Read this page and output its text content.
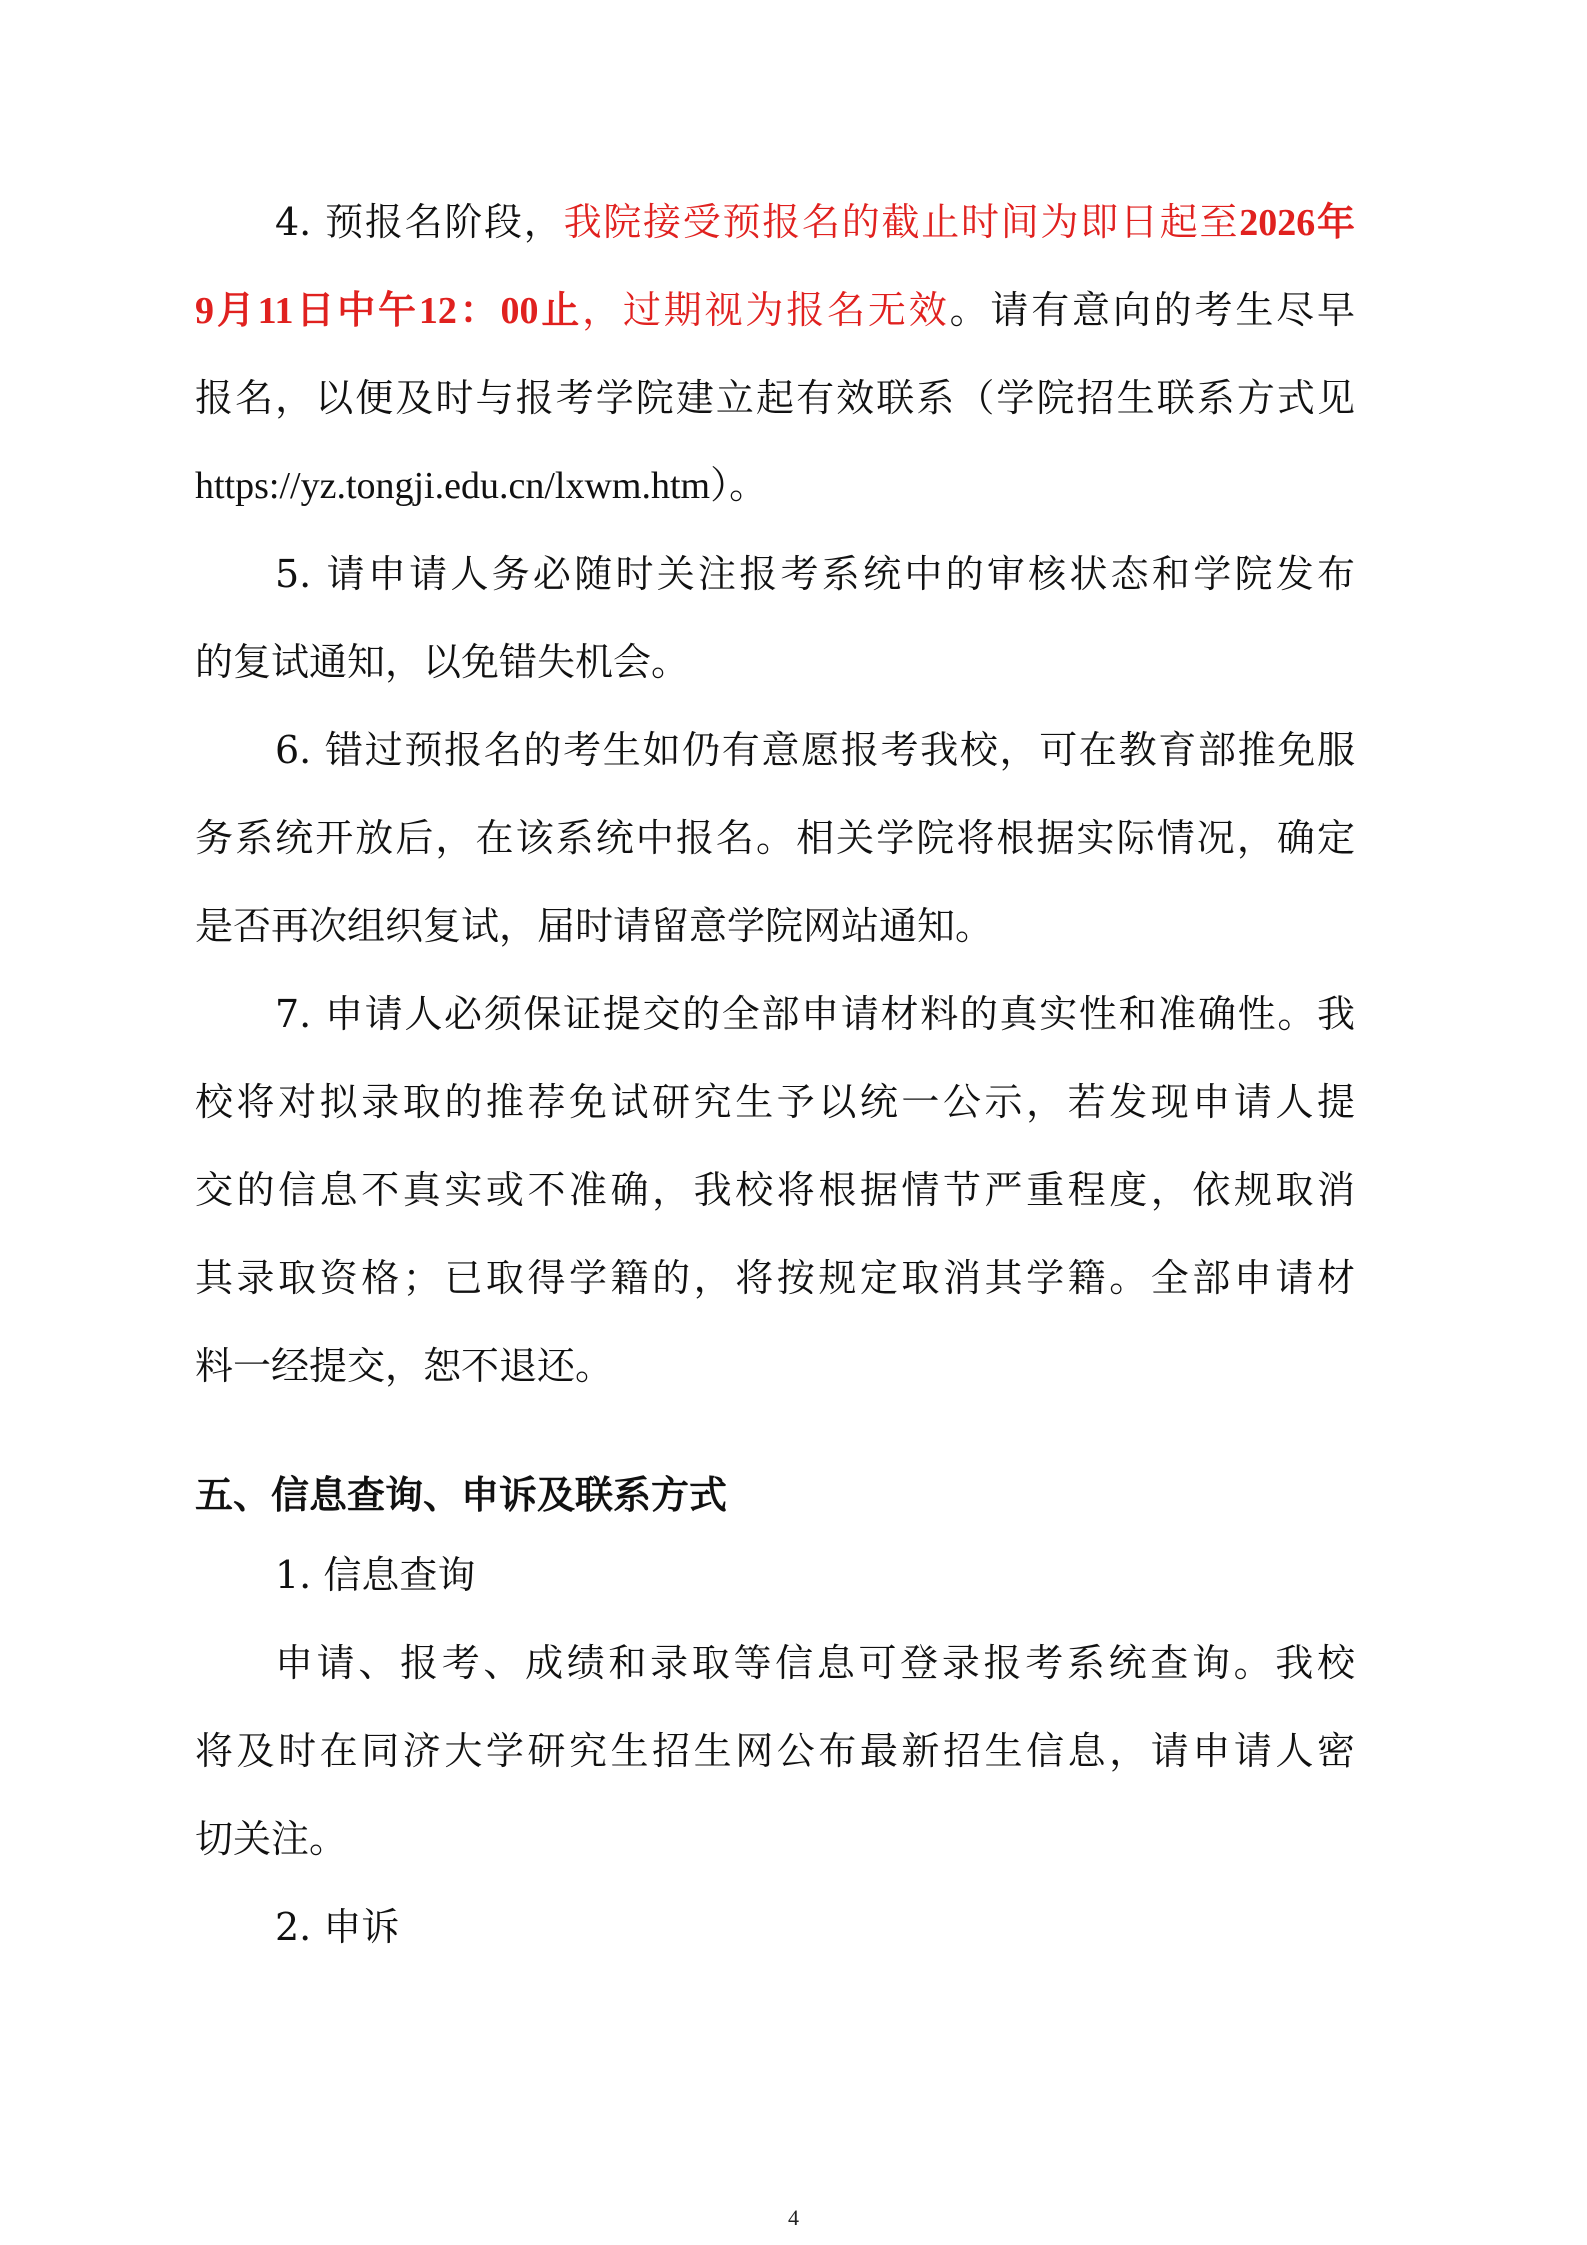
4. 预报名阶段，我院接受预报名的截止时间为即日起至2026年
9月11日中午12：00止，过期视为报名无效。请有意向的考生尽早
报名，以便及时与报考学院建立起有效联系（学院招生联系方式见
https://yz.tongji.edu.cn/lxwm.htm）。
5. 请申请人务必随时关注报考系统中的审核状态和学院发布
的复试通知，以免错失机会。
6. 错过预报名的考生如仍有意愿报考我校，可在教育部推免服
务系统开放后，在该系统中报名。相关学院将根据实际情况，确定
是否再次组织复试，届时请留意学院网站通知。
7. 申请人必须保证提交的全部申请材料的真实性和准确性。我
校将对拟录取的推荐免试研究生予以统一公示，若发现申请人提
交的信息不真实或不准确，我校将根据情节严重程度，依规取消
其录取资格；已取得学籍的，将按规定取消其学籍。全部申请材
料一经提交，恕不退还。
五、信息查询、申诉及联系方式
1. 信息查询
申请、报考、成绩和录取等信息可登录报考系统查询。我校
将及时在同济大学研究生招生网公布最新招生信息，请申请人密
切关注。
2. 申诉
4
